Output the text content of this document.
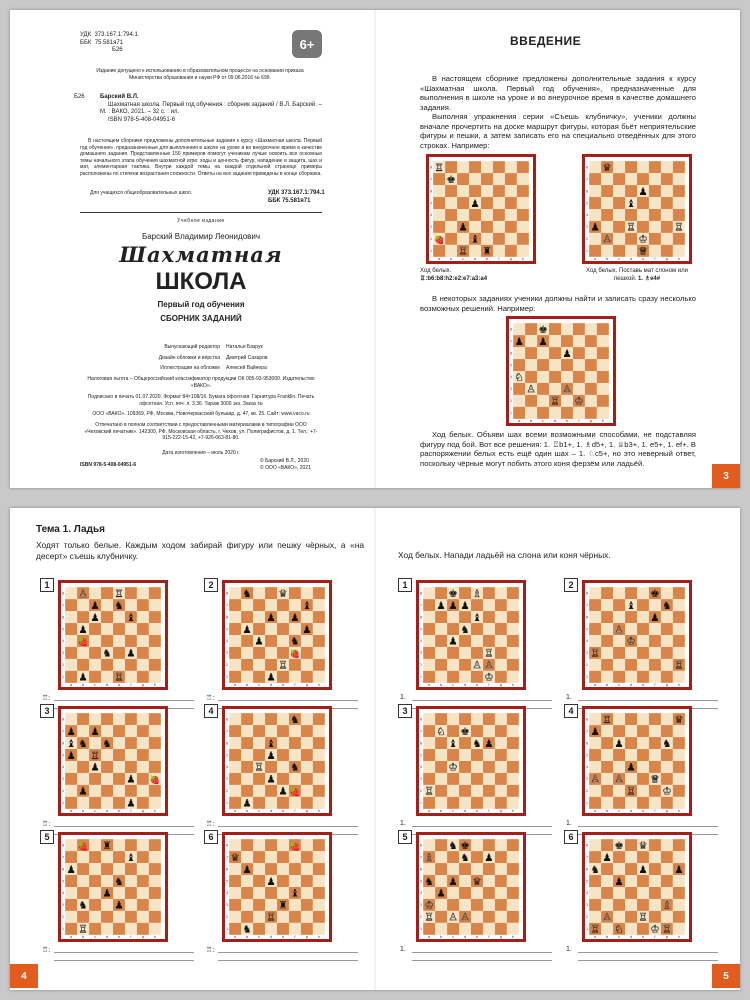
УДК 373.167.1:794.1
ББК 75.581я71
Б26	6+
Издание допущено к использованию в образовательном процессе на основании приказа Министерства образования и науки РФ от 09.06.2016 № 699.
Б26	Барский В.Л.
Шахматная школа. Первый год обучения : сборник заданий / В.Л. Барский. – М. : ВАКО, 2021. – 32 с. : ил.
ISBN 978-5-408-04951-6
В настоящем сборнике предложены дополнительные задания к курсу «Шахматная школа. Первый год обучения», предназначенные для выполнения в школе на уроке и во внеурочное время в качестве домашнего задания. Представленные 156 примеров помогут ученикам лучше освоить все основные темы начального этапа обучения шахматной игре: ходы и ценность фигур, нападение и защита, шах и мат, элементарная тактика. Внутри каждой темы на каждой отдельной странице примеры расположены по степени возрастания сложности. Ответы на все задания приведены в конце сборника.
Для учащихся общеобразовательных школ.	УДК 373.167.1:794.1
ББК 75.581я71
Учебное издание
Барский Владимир Леонидович
Шахматная
ШКОЛА
Первый год обучения
СБОРНИК ЗАДАНИЙ
Выпускающий редактор	Наталья Базрук
Дизайн обложки и вёрстка	Дмитрий Сахаров
Иллюстрации на обложке	Алексей Вайнера
Налоговая льгота – Общероссийский классификатор продукции ОК 005-93-953000. Издательство «ВАКО».
Подписано в печать 01.07.2020. Формат 84×108/16. Бумага офсетная. Гарнитура Franklin. Печать офсетная. Усл. печ. л. 3,36. Тираж 3000 экз. Заказ №
ООО «ВАКО». 109369, РФ, Москва, Новочеркасский бульвар, д. 47, кв. 25. Сайт: www.vaco.ru
Отпечатано в полном соответствии с предоставленными материалами в типографии ООО «Чеховский печатник». 142300, РФ, Московская область, г. Чехов, ул. Полиграфистов, д. 1. Тел.: +7-915-222-15-42, +7-926-063-81-80.
Дата изготовления – июль 2020 г.
ISBN 978-5-408-04951-6
© Барский В.Л., 2020
© ООО «ВАКО», 2021
ВВЕДЕНИЕ
В настоящем сборнике предложены дополнительные задания к курсу «Шахматная школа. Первый год обучения», предназначенные для выполнения в школе на уроке и во внеурочное время в качестве домашнего задания.
Выполняя упражнения серии «Съешь клубничку», ученики должны вначале прочертить на доске маршрут фигуры, которая бьёт неприятельские фигуры и пешки, а затем записать его на специально отведённых для этого строках. Например:
a	b	c	d	e	f	g	h
8
7
6
5
4
3
2
1
♖
♚
♟
🍓
♟
♝
♖ ♜
a	b	c	d	e	f	g	h
8
7
6
5
4
3
2
1
♛
♟
♝
♟
♙	♔
♕
♖	♖
Ход белых.
♖:b6:b8:h2:e2:e7:a3:a4
Ход белых. Поставь мат слоном или пешкой. 1. ♗e4#
В некоторых заданиях ученики должны найти и записать сразу несколько возможных решений. Например:
a	b	c	d	e	f	g	h
8
7
6
5
4
3
2
1
♚
♟ ♟
♟
♘
♙	♙
♔
♖
Ход белых. Объяви шах всеми возможными способами, не подставляя фигуру под бой. Вот все решения: 1. ♖b1+, 1. ♗d5+, 1. ♕b3+, 1. e5+, 1. ef+. В распоряжении белых есть ещё один шах – 1. ♘c5+, но это неверный ответ, поскольку чёрные могут побить этого коня ферзём или ладьёй.
3
Тема 1. Ладья
Ходят только белые. Каждым ходом забирай фигуру или пешку чёрных, а «на десерт» съешь клубничку.	Ход белых. Напади ладьёй на слона или коня чёрных.
1
a	b	c	d	e	f	g	h
8
7
6
5
4
3
2
1
♙	♖
♟ ♞
♟	♝
♟
🍓
♞ ♟
♟	♖
♖:
2
a	b	c	d	e	f	g	h
8
7
6
5
4
3
2
1
♞	♛
♝
♟ ♟
♟	♟
♟	♞
🍓
♖
♟
♖:
1
a	b	c	d	e	f	g	h
8
7
6
5
4
3
2
1
♚ ♗
♟ ♟ ♟
♝
♞
♟
♖
♙ ♙
♔
1.
2
a	b	c	d	e	f	g	h
8
7
6
5
4
3
2
1
♚
♝	♞
♟
♙
♔
♖
♖
1.
3
a	b	c	d	e	f	g	h
8
7
6
5
4
3
2
1
♟ ♟
♝ ♞ ♞
♟ ♖
♟
♟ 🍓
♟
♟
♖:
4
a	b	c	d	e	f	g	h
8
7
6
5
4
3
2
1
♞
♝
♟
♖	♞
♟
♟
♟
🍓
♖:
3
a	b	c	d	e	f	g	h
8
7
6
5
4
3
2
1
♘ ♚
♝ ♞ ♟
♔
♖
1.
4
a	b	c	d	e	f	g	h
8
7
6
5
4
3
2
1
♖	♛
♟
♟	♞
♟
♙ ♙	♕
♖	♔
1.
5
a	b	c	d	e	f	g	h
8
7
6
5
4
3
2
1
🍓 ♜
♝
♟
♞
♟
♞	♟
♖
♖:
6
a	b	c	d	e	f	g	h
8
7
6
5
4
3
2
1
🍓
♛
♟
♟
♝
♜
♖
♞
♖:
5
a	b	c	d	e	f	g	h
8
7
6
5
4
3
2
1
♞ ♚
♗	♞ ♟
♞ ♟ ♛
♟
♔
♙ ♙
♖
1.
6
a	b	c	d	e	f	g	h
8
7
6
5
4
3
2
1
♚ ♛
♟
♞	♟	♟
♟
♗
♙	♖
♖
♔
♖ ♘
1.
4	5
